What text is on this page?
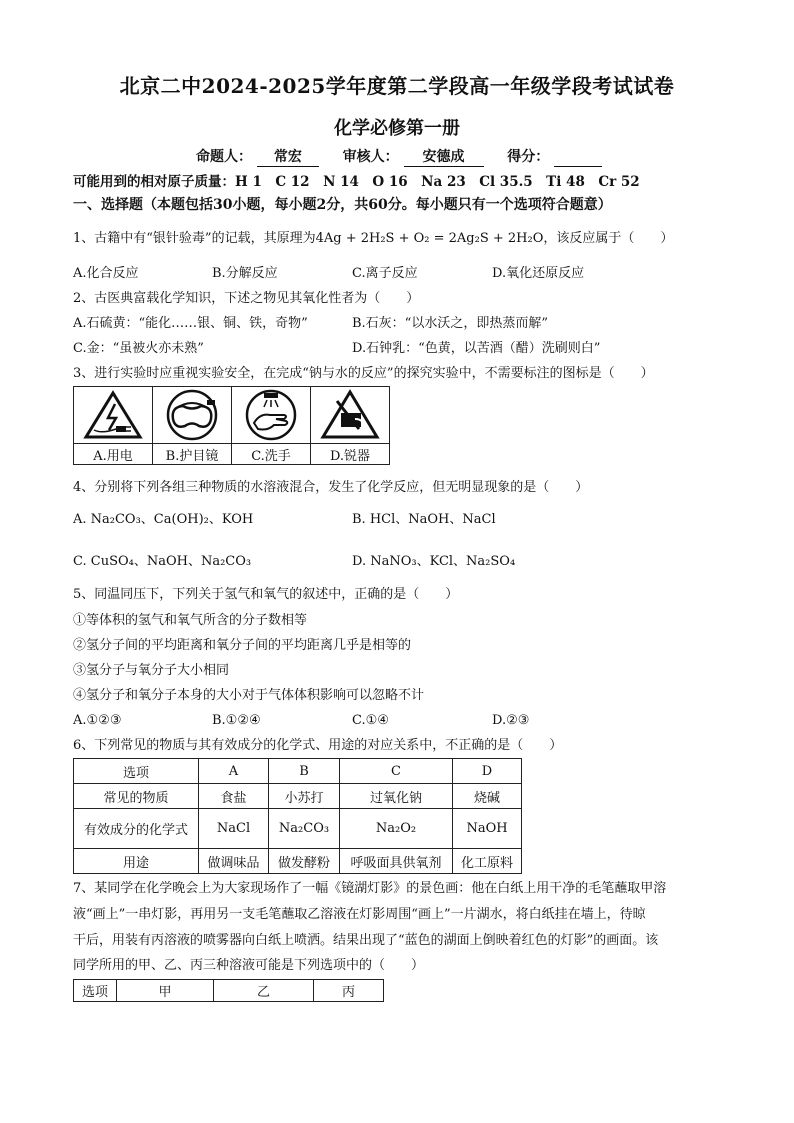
北京二中2024-2025学年度第二学段高一年级学段考试试卷
化学必修第一册
命题人： 常宏	审核人： 安德成	得分：
可能用到的相对原子质量：H 1　C 12　N 14　O 16　Na 23　Cl 35.5　Ti 48　Cr 52
一、选择题（本题包括30小题，每小题2分，共60分。每小题只有一个选项符合题意）
1、古籍中有“银针验毒”的记载，其原理为4Ag + 2H₂S + O₂ = 2Ag₂S + 2H₂O，该反应属于（　　）
A.化合反应	B.分解反应	C.离子反应	D.氧化还原反应
2、古医典富载化学知识，下述之物见其氧化性者为（　　）
A.石硫黄：“能化……银、铜、铁，奇物”	B.石灰：“以水沃之，即热蒸而解”
C.金：“虽被火亦未熟”	D.石钟乳：“色黄，以苦酒（醋）洗刷则白”
3、进行实验时应重视实验安全，在完成“钠与水的反应”的探究实验中，不需要标注的图标是（　　）

A.用电	B.护目镜	C.洗手	D.锐器
4、分别将下列各组三种物质的水溶液混合，发生了化学反应，但无明显现象的是（　　）
A. Na₂CO₃、Ca(OH)₂、KOH	B. HCl、NaOH、NaCl
C. CuSO₄、NaOH、Na₂CO₃	D. NaNO₃、KCl、Na₂SO₄
5、同温同压下，下列关于氢气和氧气的叙述中，正确的是（　　）
①等体积的氢气和氧气所含的分子数相等
②氢分子间的平均距离和氧分子间的平均距离几乎是相等的
③氢分子与氧分子大小相同
④氢分子和氧分子本身的大小对于气体体积影响可以忽略不计
A.①②③	B.①②④	C.①④	D.②③
6、下列常见的物质与其有效成分的化学式、用途的对应关系中，不正确的是（　　）
选项	A	B	C	D
常见的物质	食盐	小苏打	过氧化钠	烧碱
有效成分的化学式	NaCl	Na₂CO₃	Na₂O₂	NaOH
用途	做调味品	做发酵粉	呼吸面具供氧剂	化工原料
7、某同学在化学晚会上为大家现场作了一幅《镜湖灯影》的景色画：他在白纸上用干净的毛笔蘸取甲溶
液“画上”一串灯影，再用另一支毛笔蘸取乙溶液在灯影周围“画上”一片湖水，将白纸挂在墙上，待晾
干后，用装有丙溶液的喷雾器向白纸上喷洒。结果出现了“蓝色的湖面上倒映着红色的灯影”的画面。该
同学所用的甲、乙、丙三种溶液可能是下列选项中的（　　）
选项	甲	乙	丙
